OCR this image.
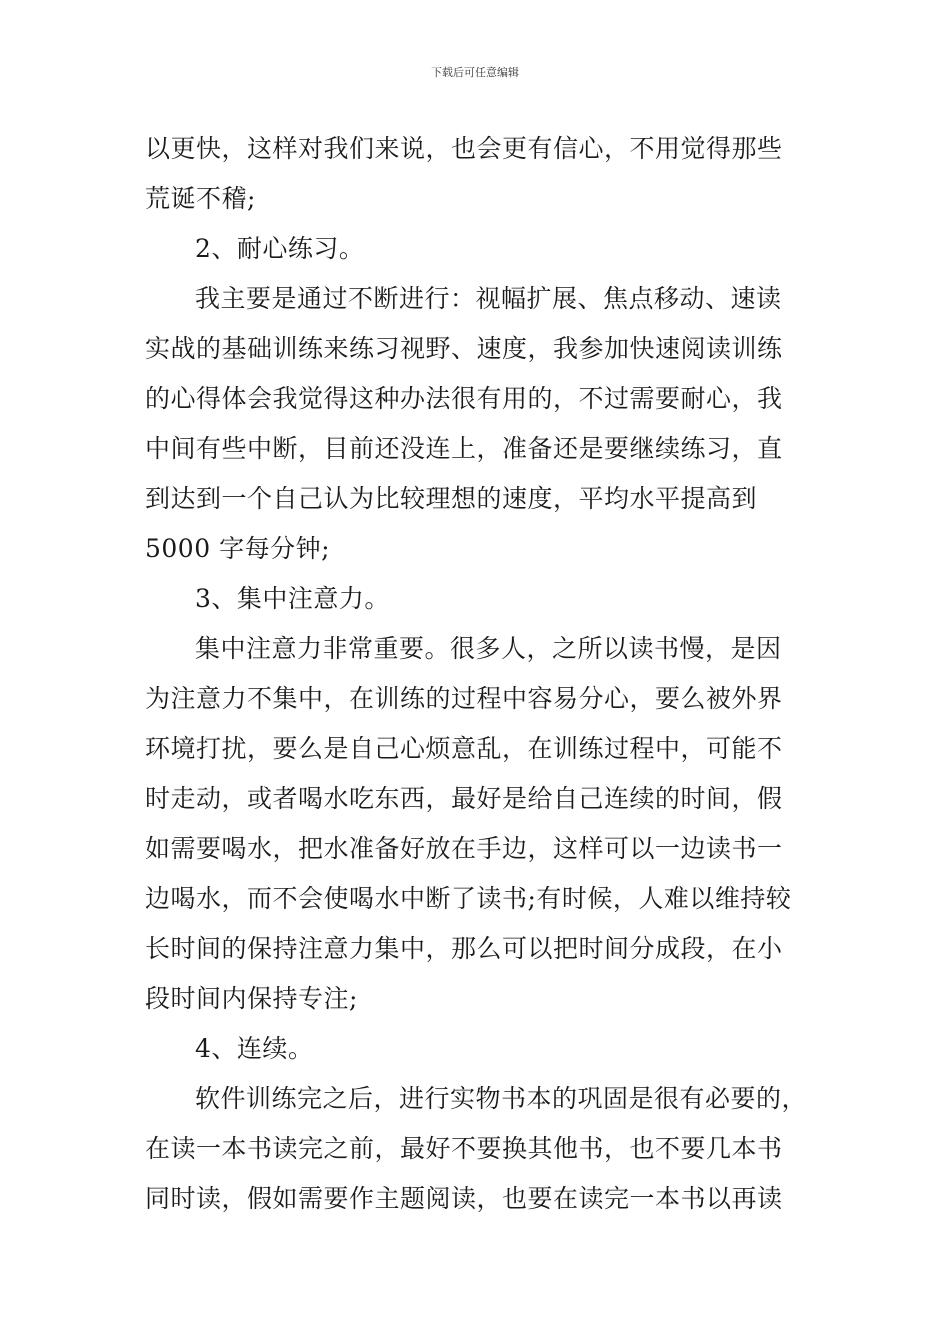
下载后可任意编辑
以更快，这样对我们来说，也会更有信心，不用觉得那些
荒诞不稽;
2、耐心练习。
我主要是通过不断进行：视幅扩展、焦点移动、速读
实战的基础训练来练习视野、速度，我参加快速阅读训练
的心得体会我觉得这种办法很有用的，不过需要耐心，我
中间有些中断，目前还没连上，准备还是要继续练习，直
到达到一个自己认为比较理想的速度，平均水平提高到
5000 字每分钟;
3、集中注意力。
集中注意力非常重要。很多人，之所以读书慢，是因
为注意力不集中，在训练的过程中容易分心，要么被外界
环境打扰，要么是自己心烦意乱，在训练过程中，可能不
时走动，或者喝水吃东西，最好是给自己连续的时间，假
如需要喝水，把水准备好放在手边，这样可以一边读书一
边喝水，而不会使喝水中断了读书;有时候，人难以维持较
长时间的保持注意力集中，那么可以把时间分成段，在小
段时间内保持专注;
4、连续。
软件训练完之后，进行实物书本的巩固是很有必要的，
在读一本书读完之前，最好不要换其他书，也不要几本书
同时读，假如需要作主题阅读，也要在读完一本书以再读
